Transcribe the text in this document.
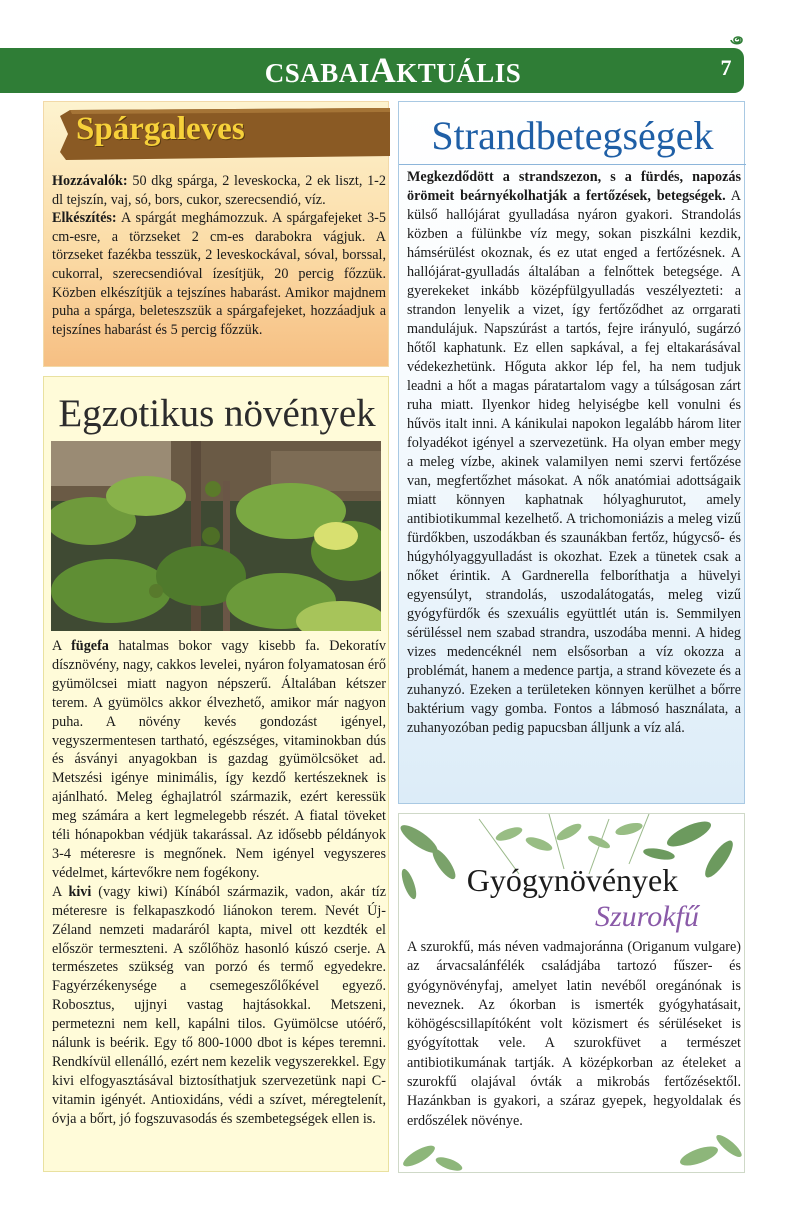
CSABAIAKTUÁLIS	7
Spárgaleves
Hozzávalók: 50 dkg spárga, 2 leveskocka, 2 ek liszt, 1-2 dl tejszín, vaj, só, bors, cukor, szerecsendió, víz.
Elkészítés: A spárgát meghámozzuk. A spárgafejeket 3-5 cm-esre, a törzseket 2 cm-es darabokra vágjuk. A törzseket fazékba tesszük, 2 leveskockával, sóval, borssal, cukorral, szerecsendióval ízesítjük, 20 percig főzzük. Közben elkészítjük a tejszínes habarást. Amikor majdnem puha a spárga, beleteszszük a spárgafejeket, hozzáadjuk a tejszínes habarást és 5 percig főzzük.
Egzotikus növények
A fügefa hatalmas bokor vagy kisebb fa. Dekoratív dísznövény, nagy, cakkos levelei, nyáron folyamatosan érő gyümölcsei miatt nagyon népszerű. Általában kétszer terem. A gyümölcs akkor élvezhető, amikor már nagyon puha. A növény kevés gondozást igényel, vegyszermentesen tartható, egészséges, vitaminokban dús és ásványi anyagokban is gazdag gyümölcsöket ad. Metszési igénye minimális, így kezdő kertészeknek is ajánlható. Meleg éghajlatról származik, ezért keressük meg számára a kert legmelegebb részét. A fiatal töveket téli hónapokban védjük takarással. Az idősebb példányok 3-4 méteresre is megnőnek. Nem igényel vegyszeres védelmet, kártevőkre nem fogékony.
A kivi (vagy kiwi) Kínából származik, vadon, akár tíz méteresre is felkapaszkodó liánokon terem. Nevét Új-Zéland nemzeti madaráról kapta, mivel ott kezdték el először termeszteni. A szőlőhöz hasonló kúszó cserje. A természetes szükség van porzó és termő egyedekre. Fagyérzékenysége a csemegeszőlőkével egyező. Robosztus, ujjnyi vastag hajtásokkal. Metszeni, permetezni nem kell, kapálni tilos. Gyümölcse utóérő, nálunk is beérik. Egy tő 800-1000 dbot is képes teremni. Rendkívül ellenálló, ezért nem kezelik vegyszerekkel. Egy kivi elfogyasztásával biztosíthatjuk szervezetünk napi C-vitamin igényét. Antioxidáns, védi a szívet, méregtelenít, óvja a bőrt, jó fogszuvasodás és szembetegségek ellen is.
Strandbetegségek
Megkezdődött a strandszezon, s a fürdés, napozás örömeit beárnyékolhatják a fertőzések, betegségek. A külső hallójárat gyulladása nyáron gyakori. Strandolás közben a fülünkbe víz megy, sokan piszkálni kezdik, hámsérülést okoznak, és ez utat enged a fertőzésnek. A hallójárat-gyulladás általában a felnőttek betegsége. A gyerekeket inkább középfülgyulladás veszélyezteti: a strandon lenyelik a vizet, így fertőződhet az orrgarati mandulájuk. Napszúrást a tartós, fejre irányuló, sugárzó hőtől kaphatunk. Ez ellen sapkával, a fej eltakarásával védekezhetünk. Hőguta akkor lép fel, ha nem tudjuk leadni a hőt a magas páratartalom vagy a túlságosan zárt ruha miatt. Ilyenkor hideg helyiségbe kell vonulni és hűvös italt inni. A kánikulai napokon legalább három liter folyadékot igényel a szervezetünk. Ha olyan ember megy a meleg vízbe, akinek valamilyen nemi szervi fertőzése van, megfertőzhet másokat. A nők anatómiai adottságaik miatt könnyen kaphatnak hólyaghurutot, amely antibiotikummal kezelhető. A trichomoniázis a meleg vizű fürdőkben, uszodákban és szaunákban fertőz, húgycső- és húgyhólyaggyulladást is okozhat. Ezek a tünetek csak a nőket érintik. A Gardnerella felboríthatja a hüvelyi egyensúlyt, strandolás, uszodalátogatás, meleg vizű gyógyfürdők és szexuális együttlét után is. Semmilyen sérüléssel nem szabad strandra, uszodába menni. A hideg vizes medencéknél nem elsősorban a víz okozza a problémát, hanem a medence partja, a strand kövezete és a zuhanyzó. Ezeken a területeken könnyen kerülhet a bőrre baktérium vagy gomba. Fontos a lábmosó használata, a zuhanyozóban pedig papucsban álljunk a víz alá.
Gyógynövények
Szurokfű
A szurokfű, más néven vadmajoránna (Origanum vulgare) az árvacsalánfélék családjába tartozó fűszer- és gyógynövényfaj, amelyet latin nevéből oregánónak is neveznek. Az ókorban is ismerték gyógyhatásait, köhögéscsillapítóként volt közismert és sérüléseket is gyógyítottak vele. A szurokfüvet a természet antibiotikumának tartják. A középkorban az ételeket a szurokfű olajával óvták a mikrobás fertőzésektől. Hazánkban is gyakori, a száraz gyepek, hegyoldalak és erdőszélek növénye.
